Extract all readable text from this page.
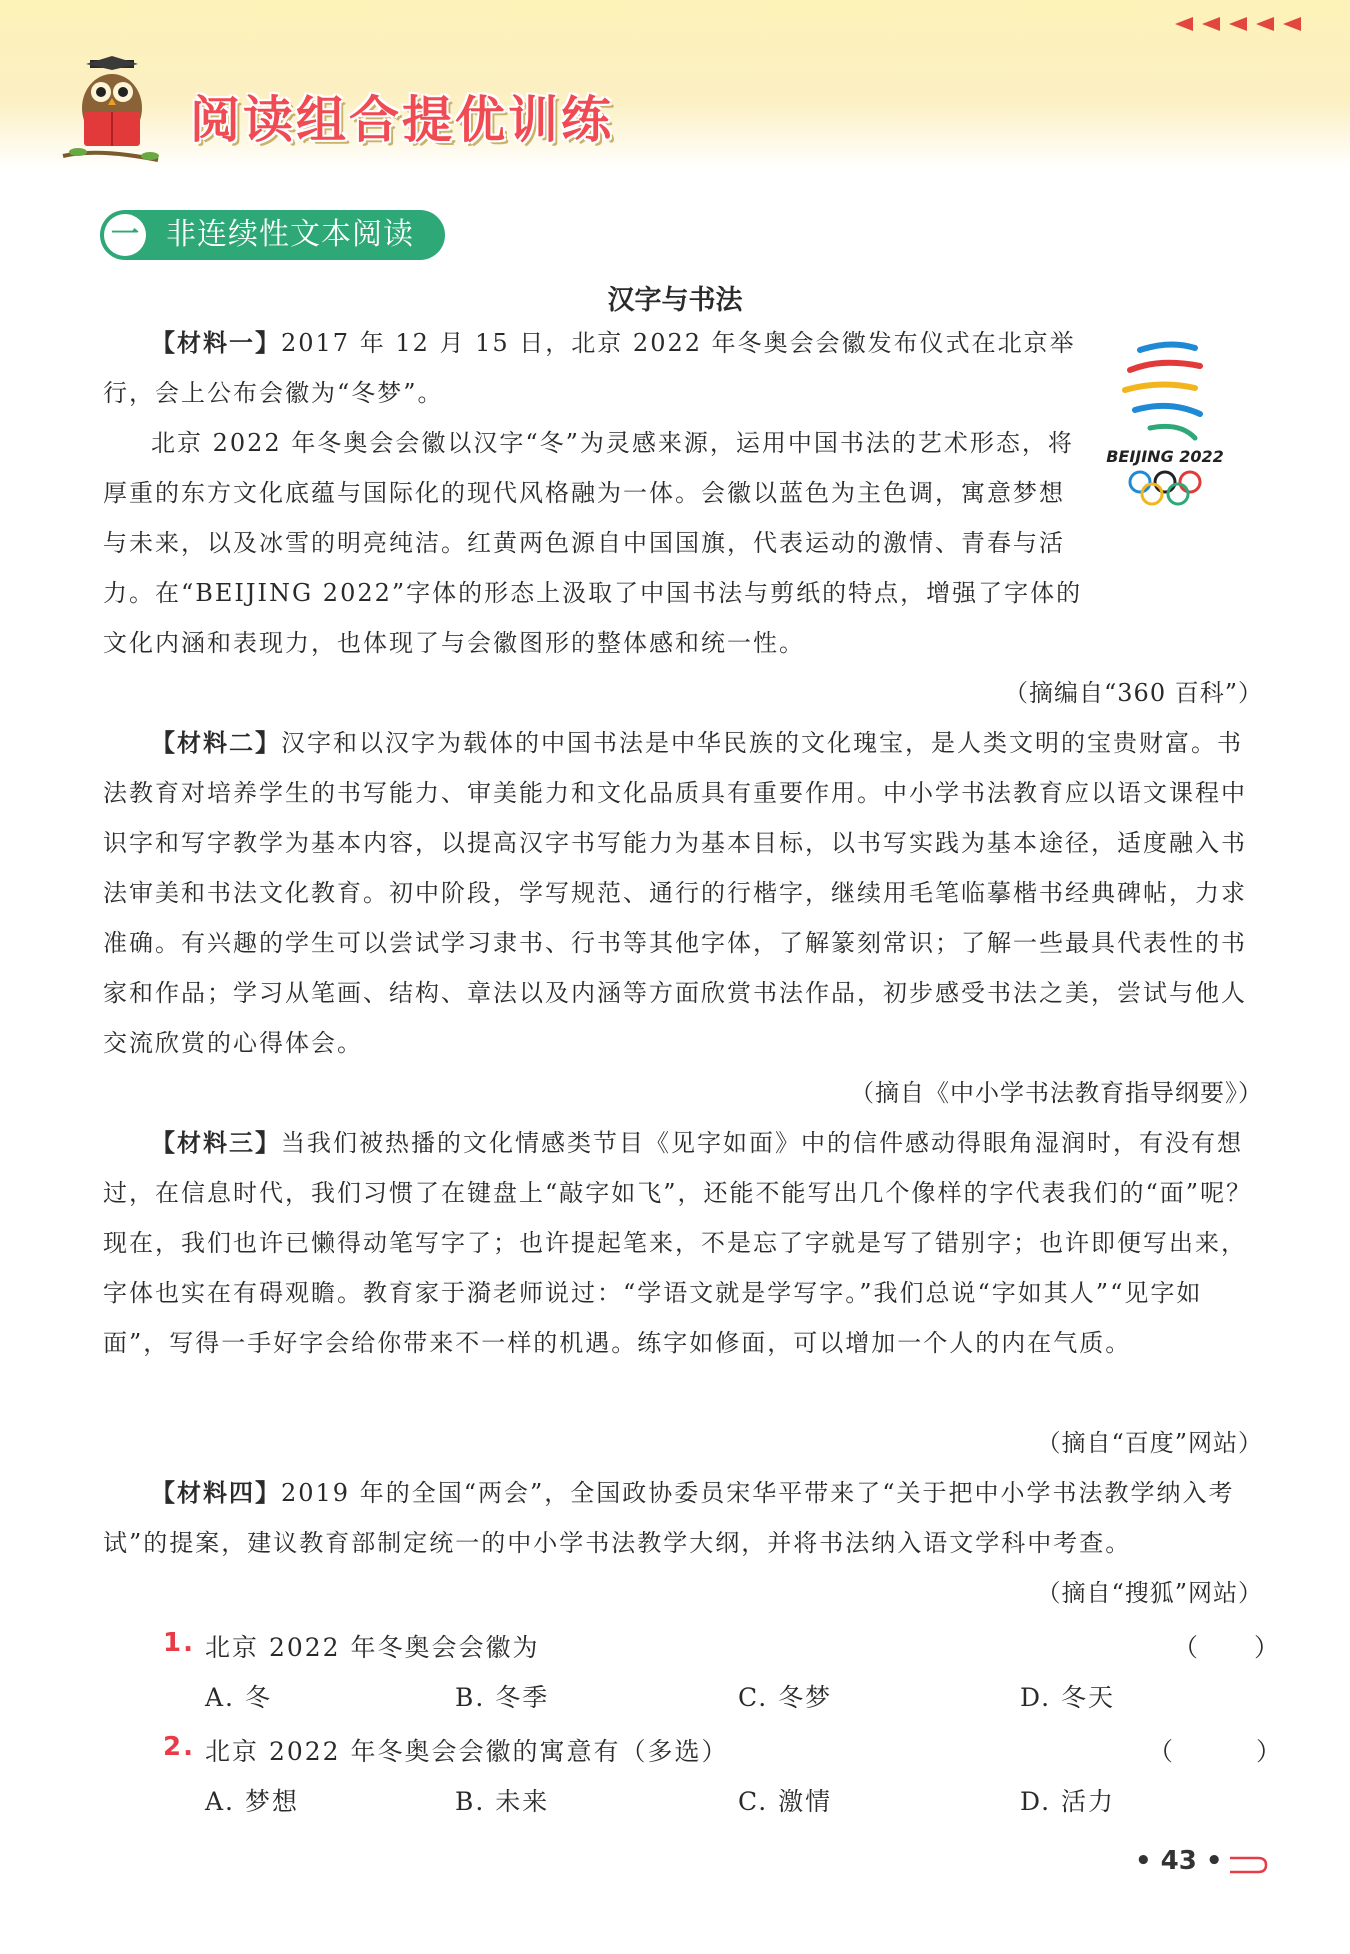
阅读组合提优训练
一 非连续性文本阅读
汉字与书法
BEIJING 2022

【材料一】2017 年 12 月 15 日，北京 2022 年冬奥会会徽发布仪式在北京举行，会上公布会徽为“冬梦”。

北京 2022 年冬奥会会徽以汉字“冬”为灵感来源，运用中国书法的艺术形态，将厚重的东方文化底蕴与国际化的现代风格融为一体。会徽以蓝色为主色调，寓意梦想与未来，以及冰雪的明亮纯洁。红黄两色源自中国国旗，代表运动的激情、青春与活力。在“BEIJING 2022”字体的形态上汲取了中国书法与剪纸的特点，增强了字体的文化内涵和表现力，也体现了与会徽图形的整体感和统一性。

（摘编自“360 百科”）

【材料二】汉字和以汉字为载体的中国书法是中华民族的文化瑰宝，是人类文明的宝贵财富。书法教育对培养学生的书写能力、审美能力和文化品质具有重要作用。中小学书法教育应以语文课程中识字和写字教学为基本内容，以提高汉字书写能力为基本目标，以书写实践为基本途径，适度融入书法审美和书法文化教育。初中阶段，学写规范、通行的行楷字，继续用毛笔临摹楷书经典碑帖，力求准确。有兴趣的学生可以尝试学习隶书、行书等其他字体，了解篆刻常识；了解一些最具代表性的书家和作品；学习从笔画、结构、章法以及内涵等方面欣赏书法作品，初步感受书法之美，尝试与他人交流欣赏的心得体会。

（摘自《中小学书法教育指导纲要》）

【材料三】当我们被热播的文化情感类节目《见字如面》中的信件感动得眼角湿润时，有没有想过，在信息时代，我们习惯了在键盘上“敲字如飞”，还能不能写出几个像样的字代表我们的“面”呢？现在，我们也许已懒得动笔写字了；也许提起笔来，不是忘了字就是写了错别字；也许即便写出来，字体也实在有碍观瞻。教育家于漪老师说过：“学语文就是学写字。”我们总说“字如其人”“见字如面”，写得一手好字会给你带来不一样的机遇。练字如修面，可以增加一个人的内在气质。

（摘自“百度”网站）

【材料四】2019 年的全国“两会”，全国政协委员宋华平带来了“关于把中小学书法教学纳入考试”的提案，建议教育部制定统一的中小学书法教学大纲，并将书法纳入语文学科中考查。

（摘自“搜狐”网站）
1. 北京 2022 年冬奥会会徽为	（　　）
A. 冬	B. 冬季	C. 冬梦	D. 冬天
2. 北京 2022 年冬奥会会徽的寓意有（多选）	（　　　）
A. 梦想	B. 未来	C. 激情	D. 活力
• 43 •
